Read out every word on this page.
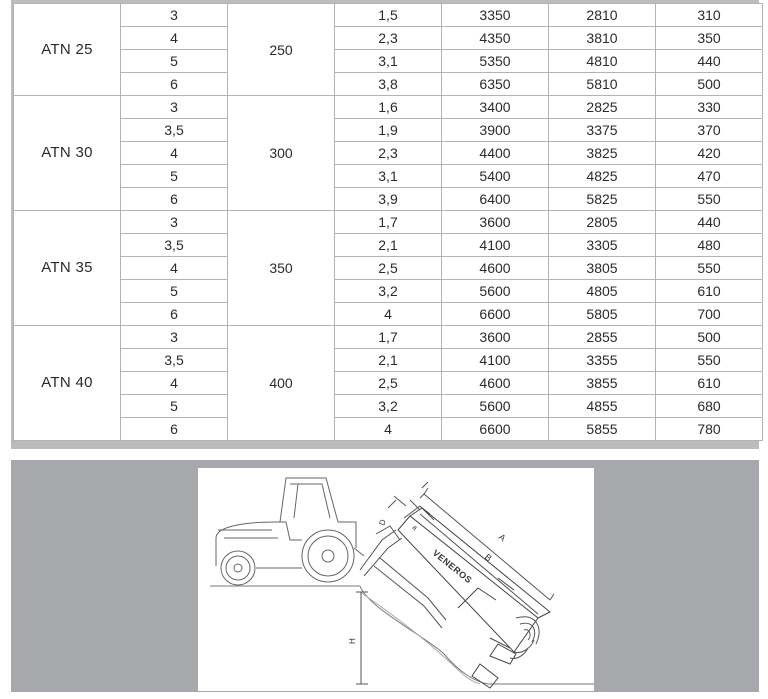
ATN 25	3	250	1,5	3350	2810	310
	4		2,3	4350	3810	350
	5		3,1	5350	4810	440
	6		3,8	6350	5810	500
ATN 30	3	300	1,6	3400	2825	330
	3,5		1,9	3900	3375	370
	4		2,3	4400	3825	420
	5		3,1	5400	4825	470
	6		3,9	6400	5825	550
ATN 35	3	350	1,7	3600	2805	440
	3,5		2,1	4100	3305	480
	4		2,5	4600	3805	550
	5		3,2	5600	4805	610
	6		4	6600	5805	700
ATN 40	3	400	1,7	3600	2855	500
	3,5		2,1	4100	3355	550
	4		2,5	4600	3855	610
	5		3,2	5600	4855	680
	6		4	6600	5855	780
VENEROS
A
B
D
a
H
